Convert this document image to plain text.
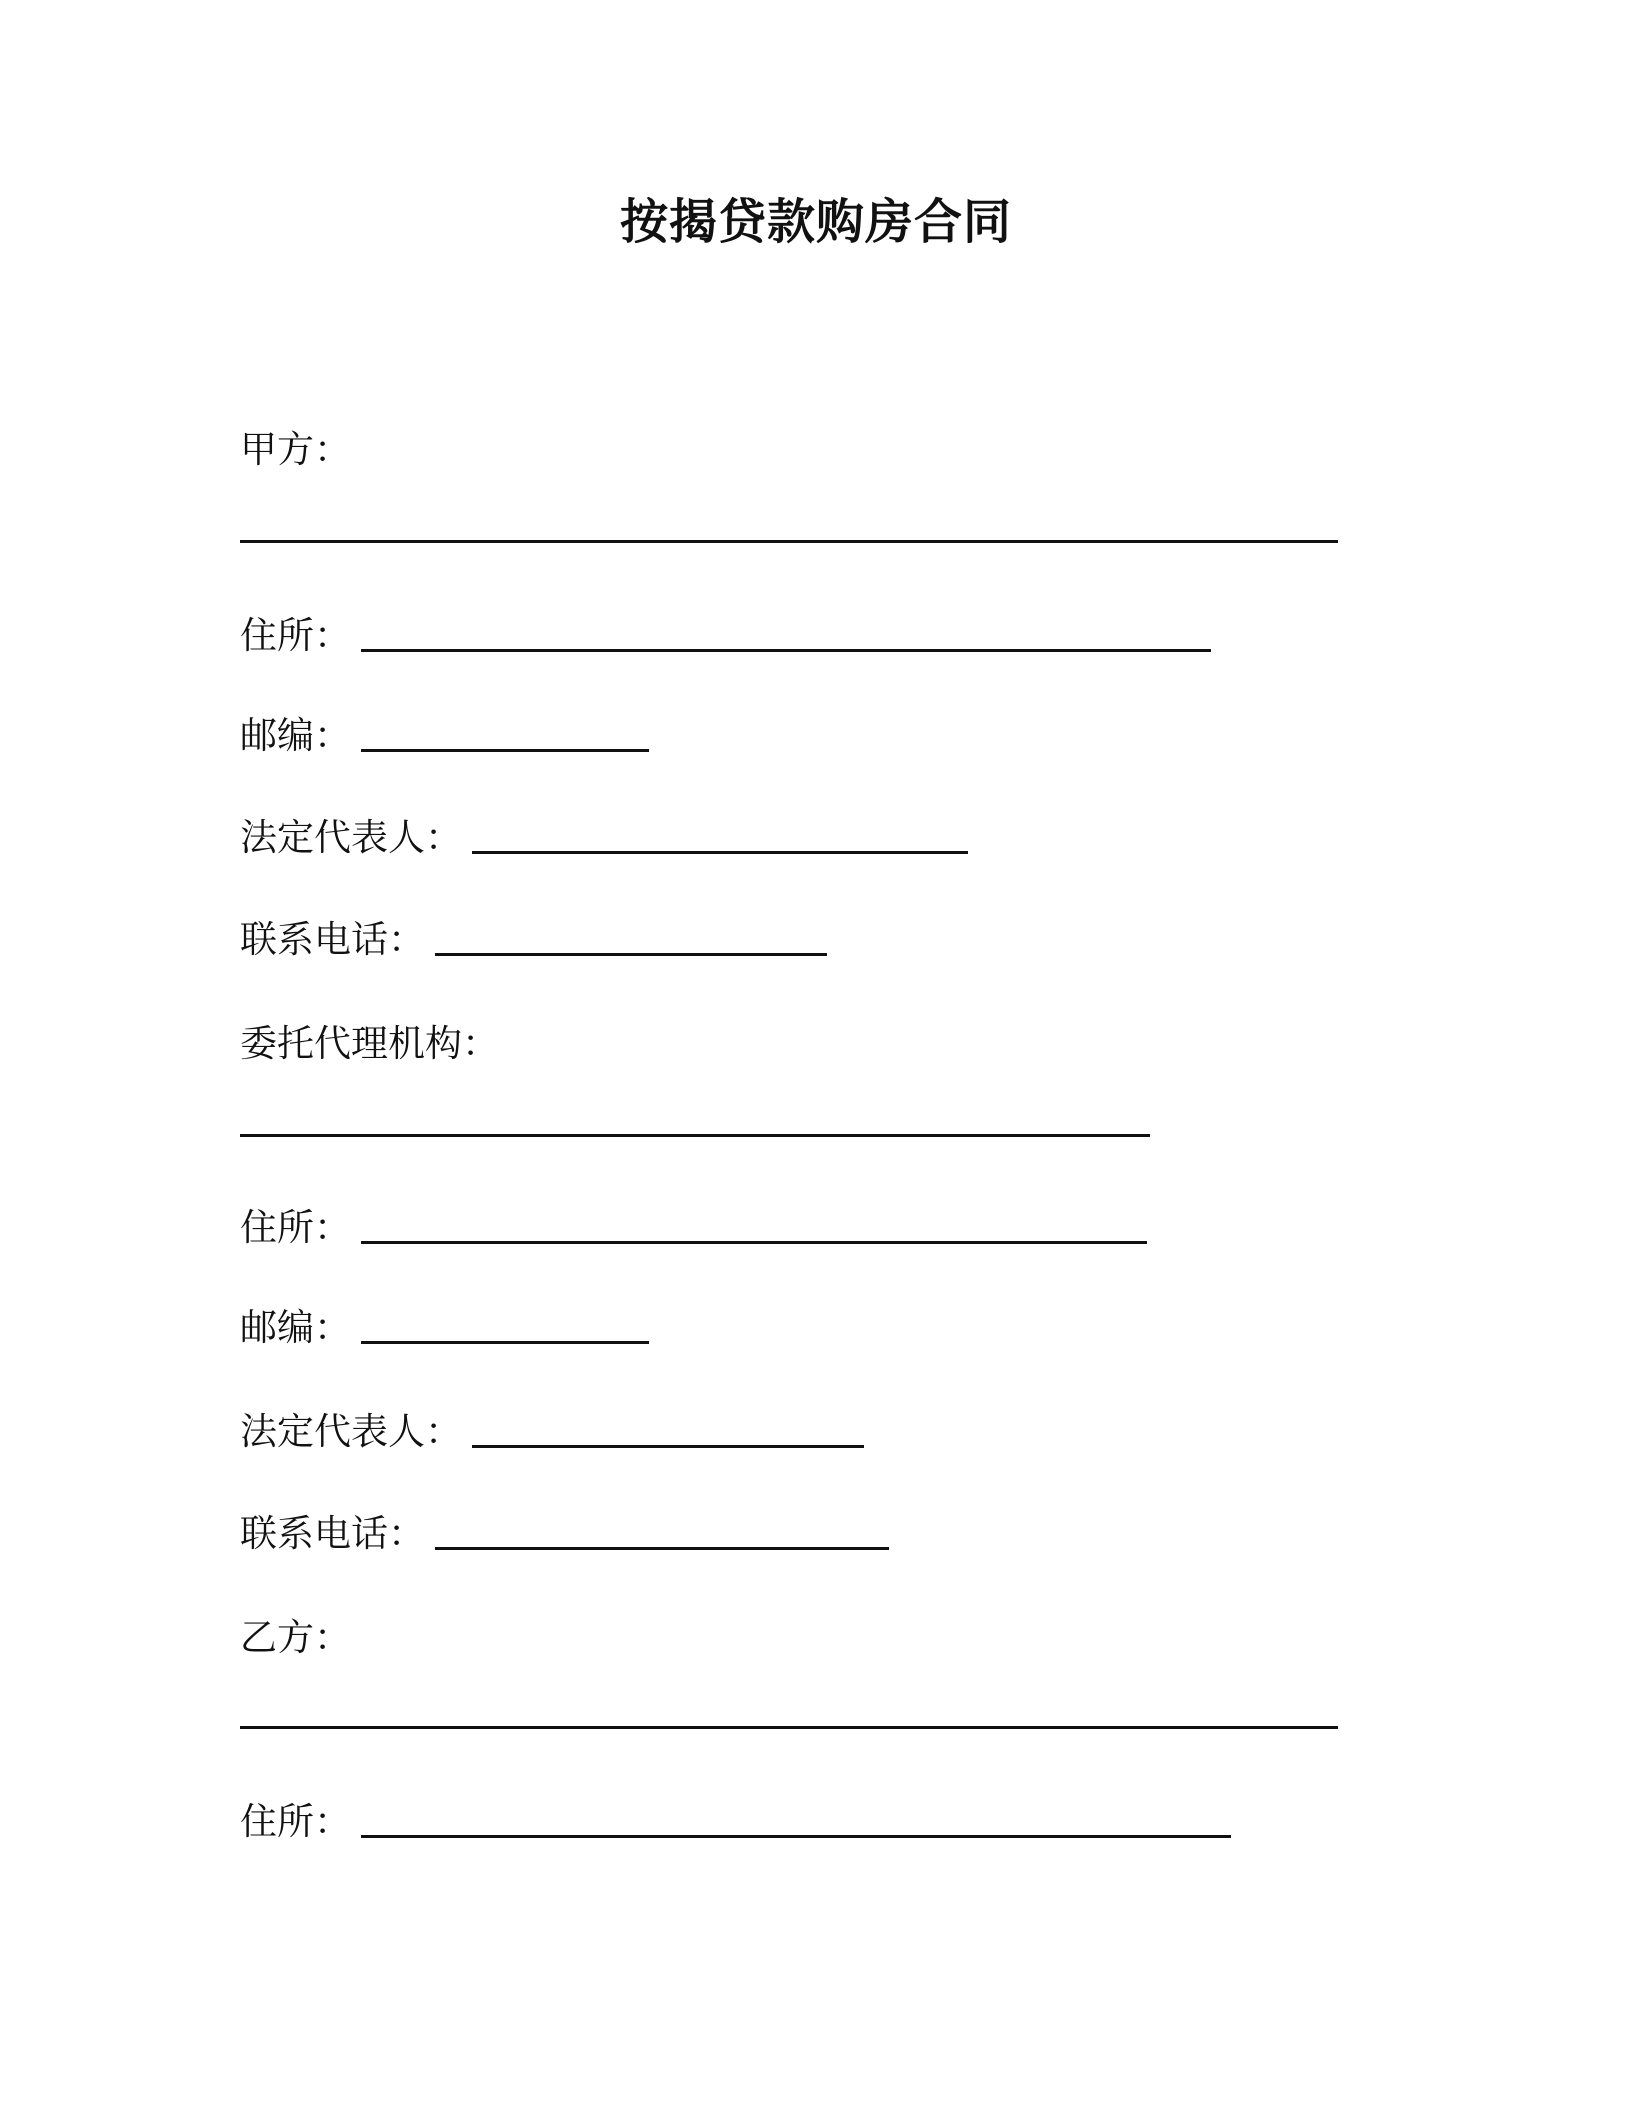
按揭贷款购房合同
甲方：
住所：
邮编：
法定代表人：
联系电话：
委托代理机构：
住所：
邮编：
法定代表人：
联系电话：
乙方：
住所：
